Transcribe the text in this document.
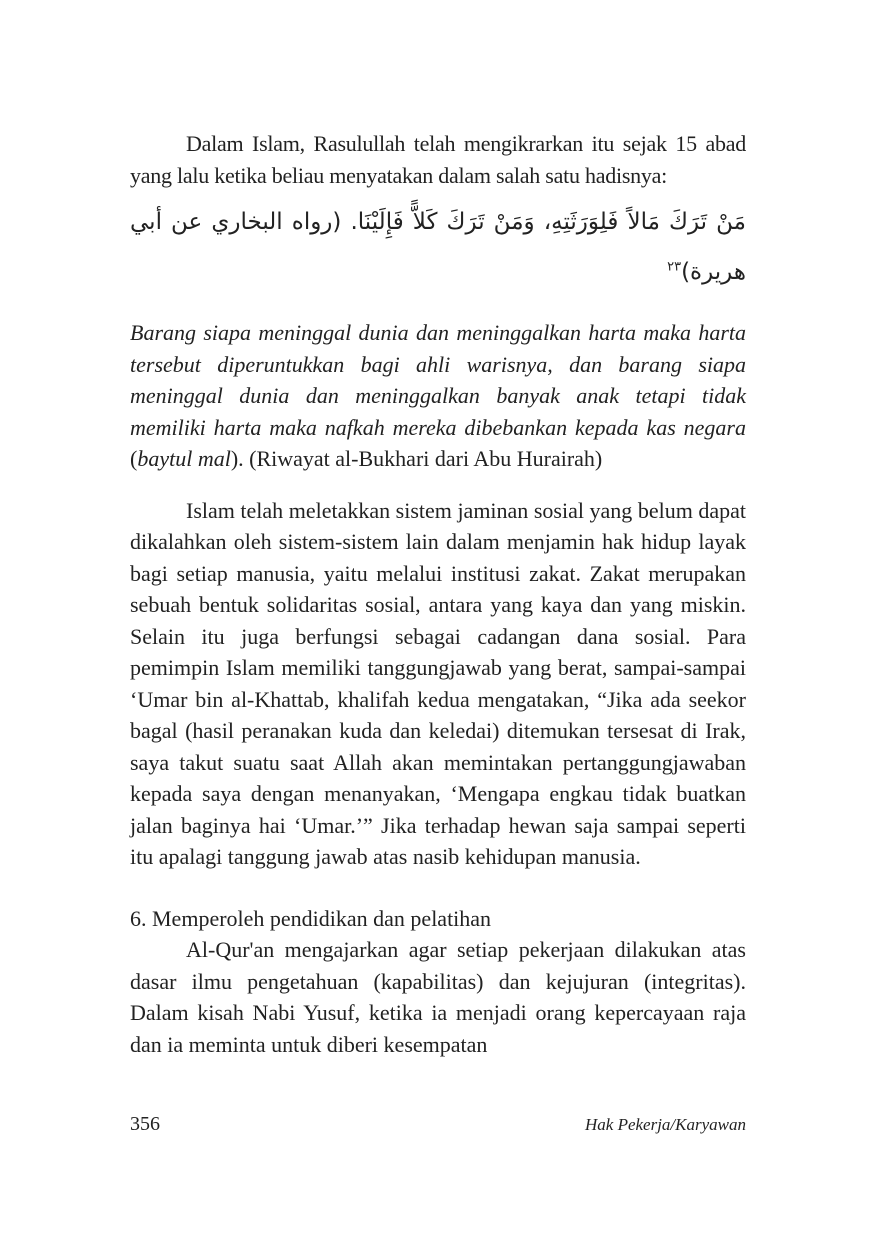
Dalam Islam, Rasulullah telah mengikrarkan itu sejak 15 abad yang lalu ketika beliau menyatakan dalam salah satu hadisnya:

مَنْ تَرَكَ مَالاً فَلِوَرَثَتِهِ، وَمَنْ تَرَكَ كَلاًّ فَإِلَيْنَا. (رواه البخاري عن أبي هريرة)$^{٢٣}$

Barang siapa meninggal dunia dan meninggalkan harta maka harta tersebut diperuntukkan bagi ahli warisnya, dan barang siapa meninggal dunia dan meninggalkan banyak anak tetapi tidak memiliki harta maka nafkah mereka dibebankan kepada kas negara (baytul mal). (Riwayat al-Bukhari dari Abu Hurairah)

Islam telah meletakkan sistem jaminan sosial yang belum dapat dikalahkan oleh sistem-sistem lain dalam menjamin hak hidup layak bagi setiap manusia, yaitu melalui institusi zakat. Zakat merupakan sebuah bentuk solidaritas sosial, antara yang kaya dan yang miskin. Selain itu juga berfungsi sebagai cadangan dana sosial. Para pemimpin Islam memiliki tanggungjawab yang berat, sampai-sampai ‘Umar bin al-Khattab, khalifah kedua mengatakan, “Jika ada seekor bagal (hasil peranakan kuda dan keledai) ditemukan tersesat di Irak, saya takut suatu saat Allah akan memintakan pertanggungjawaban kepada saya dengan menanyakan, ‘Mengapa engkau tidak buatkan jalan baginya hai ‘Umar.’” Jika terhadap hewan saja sampai seperti itu apalagi tanggung jawab atas nasib kehidupan manusia.

6. Memperoleh pendidikan dan pelatihan

Al-Qur'an mengajarkan agar setiap pekerjaan dilakukan atas dasar ilmu pengetahuan (kapabilitas) dan kejujuran (integritas). Dalam kisah Nabi Yusuf, ketika ia menjadi orang kepercayaan raja dan ia meminta untuk diberi kesempatan

356	Hak Pekerja/Karyawan
